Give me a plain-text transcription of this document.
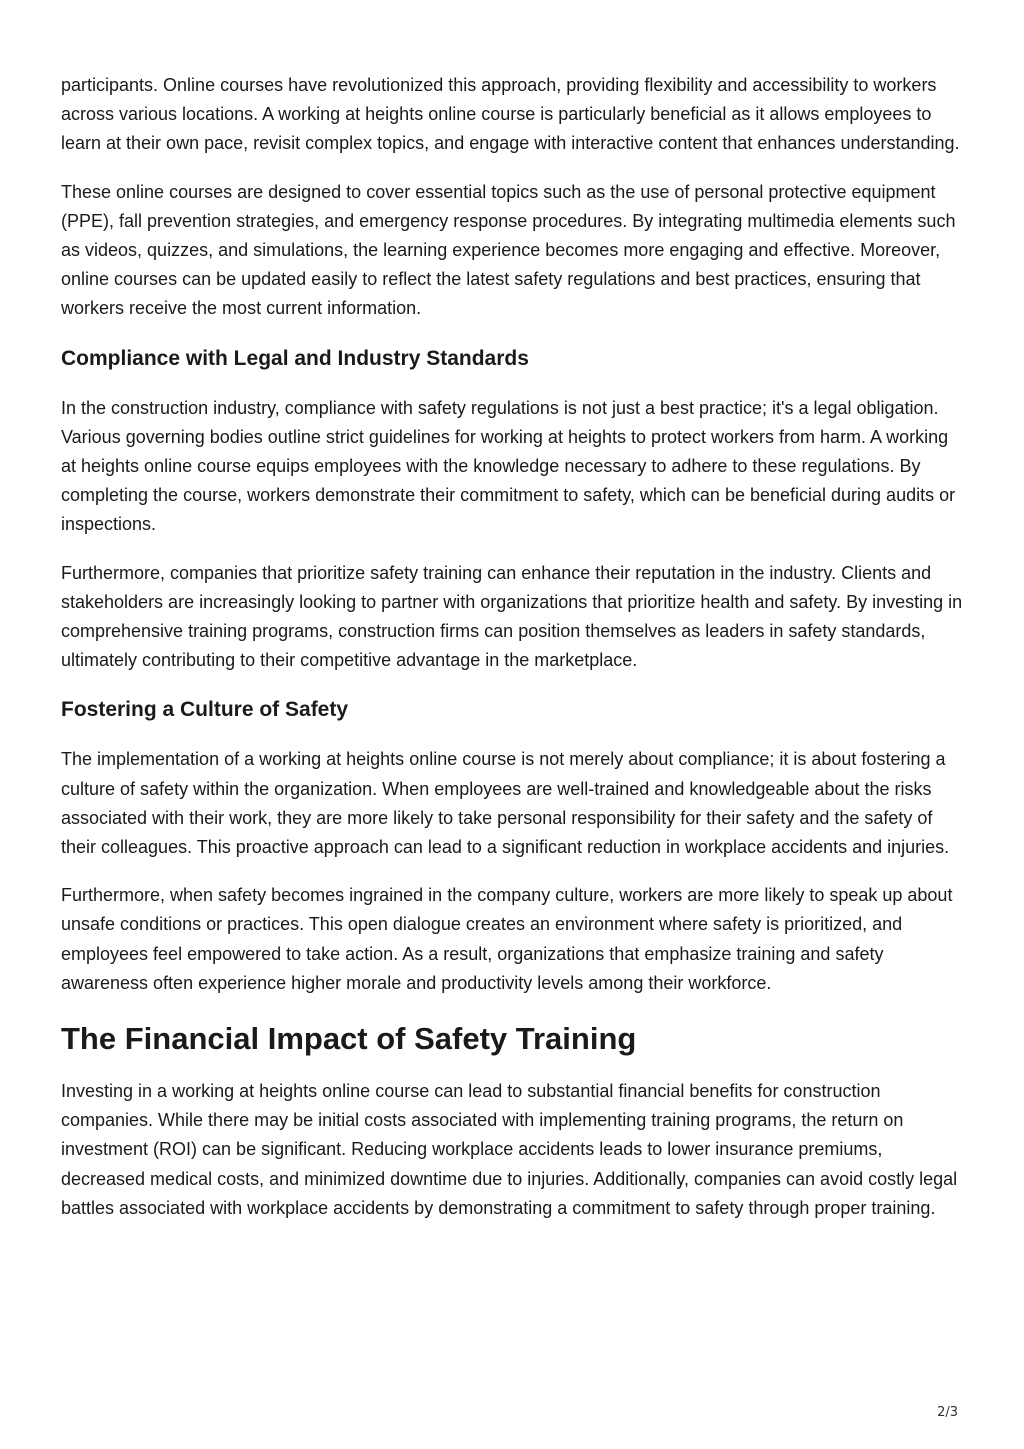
participants. Online courses have revolutionized this approach, providing flexibility and accessibility to workers across various locations. A working at heights online course is particularly beneficial as it allows employees to learn at their own pace, revisit complex topics, and engage with interactive content that enhances understanding.

These online courses are designed to cover essential topics such as the use of personal protective equipment (PPE), fall prevention strategies, and emergency response procedures. By integrating multimedia elements such as videos, quizzes, and simulations, the learning experience becomes more engaging and effective. Moreover, online courses can be updated easily to reflect the latest safety regulations and best practices, ensuring that workers receive the most current information.

Compliance with Legal and Industry Standards

In the construction industry, compliance with safety regulations is not just a best practice; it's a legal obligation. Various governing bodies outline strict guidelines for working at heights to protect workers from harm. A working at heights online course equips employees with the knowledge necessary to adhere to these regulations. By completing the course, workers demonstrate their commitment to safety, which can be beneficial during audits or inspections.

Furthermore, companies that prioritize safety training can enhance their reputation in the industry. Clients and stakeholders are increasingly looking to partner with organizations that prioritize health and safety. By investing in comprehensive training programs, construction firms can position themselves as leaders in safety standards, ultimately contributing to their competitive advantage in the marketplace.

Fostering a Culture of Safety

The implementation of a working at heights online course is not merely about compliance; it is about fostering a culture of safety within the organization. When employees are well-trained and knowledgeable about the risks associated with their work, they are more likely to take personal responsibility for their safety and the safety of their colleagues. This proactive approach can lead to a significant reduction in workplace accidents and injuries.

Furthermore, when safety becomes ingrained in the company culture, workers are more likely to speak up about unsafe conditions or practices. This open dialogue creates an environment where safety is prioritized, and employees feel empowered to take action. As a result, organizations that emphasize training and safety awareness often experience higher morale and productivity levels among their workforce.

The Financial Impact of Safety Training

Investing in a working at heights online course can lead to substantial financial benefits for construction companies. While there may be initial costs associated with implementing training programs, the return on investment (ROI) can be significant. Reducing workplace accidents leads to lower insurance premiums, decreased medical costs, and minimized downtime due to injuries. Additionally, companies can avoid costly legal battles associated with workplace accidents by demonstrating a commitment to safety through proper training.

2/3
